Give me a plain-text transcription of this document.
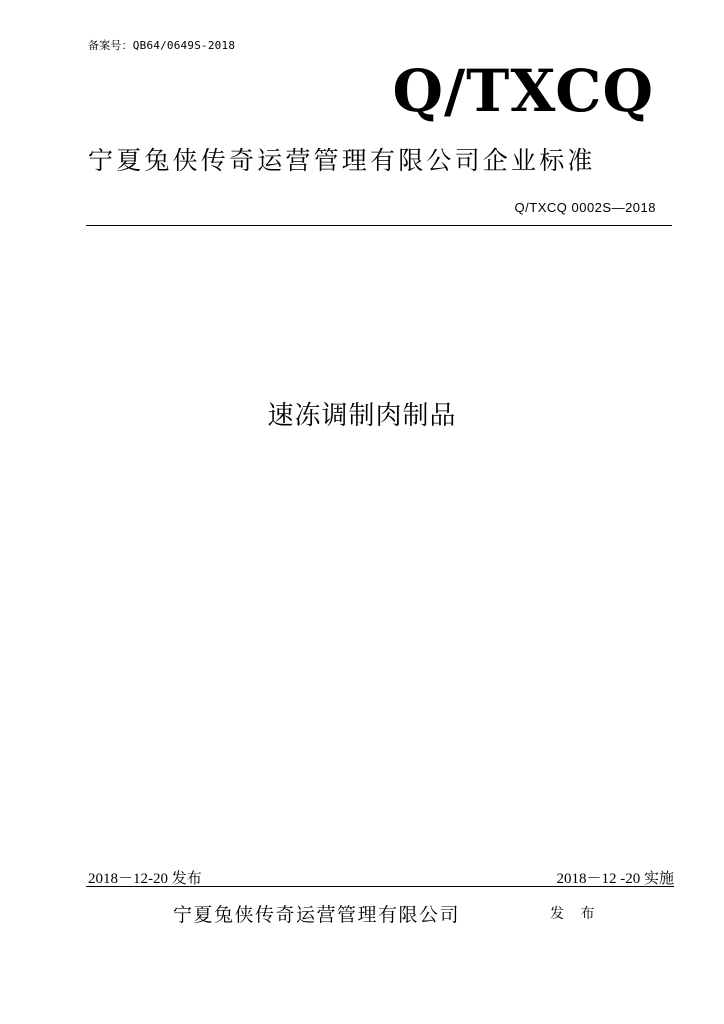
备案号：QB64/0649S-2018
Q/TXCQ
宁夏兔侠传奇运营管理有限公司企业标准
Q/TXCQ 0002S—2018
速冻调制肉制品
2018－12-20 发布	2018－12 -20 实施
宁夏兔侠传奇运营管理有限公司	发 布
